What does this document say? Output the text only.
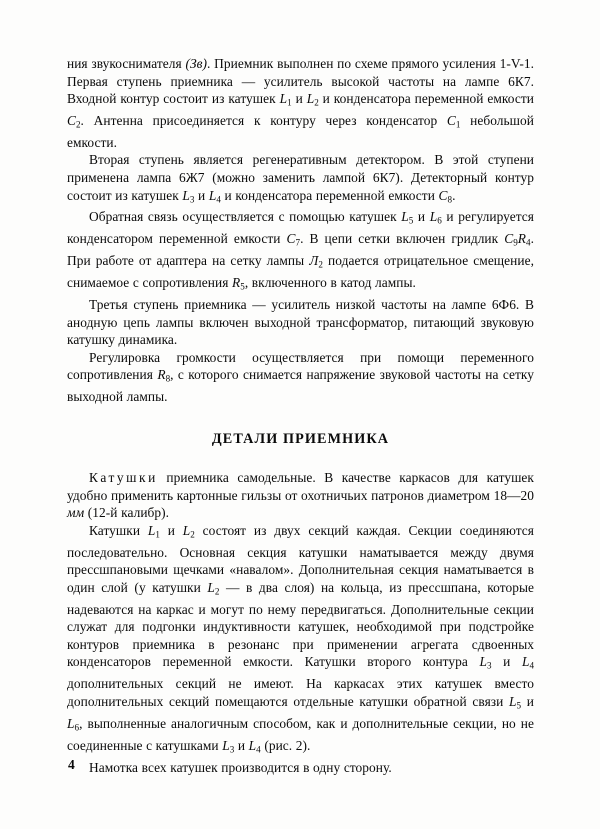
ния звукоснимателя (Зв). Приемник выполнен по схеме прямого усиления 1-V-1. Первая ступень приемника — усилитель высокой частоты на лампе 6К7. Входной контур состоит из катушек $L_1$ и $L_2$ и конденсатора переменной емкости $C_2$. Антенна присоединяется к контуру через конденсатор $C_1$ небольшой емкости.

Вторая ступень является регенеративным детектором. В этой ступени применена лампа 6Ж7 (можно заменить лампой 6К7). Детекторный контур состоит из катушек $L_3$ и $L_4$ и конденсатора переменной емкости $C_8$.

Обратная связь осуществляется с помощью катушек $L_5$ и $L_6$ и регулируется конденсатором переменной емкости $C_7$. В цепи сетки включен гридлик $C_9R_4$. При работе от адаптера на сетку лампы $Л_2$ подается отрицательное смещение, снимаемое с сопротивления $R_5$, включенного в катод лампы.

Третья ступень приемника — усилитель низкой частоты на лампе 6Ф6. В анодную цепь лампы включен выходной трансформатор, питающий звуковую катушку динамика.

Регулировка громкости осуществляется при помощи переменного сопротивления $R_8$, с которого снимается напряжение звуковой частоты на сетку выходной лампы.

ДЕТАЛИ ПРИЕМНИКА

Катушки приемника самодельные. В качестве каркасов для катушек удобно применить картонные гильзы от охотничьих патронов диаметром 18—20 мм (12-й калибр).

Катушки $L_1$ и $L_2$ состоят из двух секций каждая. Секции соединяются последовательно. Основная секция катушки наматывается между двумя прессшпановыми щечками «навалом». Дополнительная секция наматывается в один слой (у катушки $L_2$ — в два слоя) на кольца, из прессшпана, которые надеваются на каркас и могут по нему передвигаться. Дополнительные секции служат для подгонки индуктивности катушек, необходимой при подстройке контуров приемника в резонанс при применении агрегата сдвоенных конденсаторов переменной емкости. Катушки второго контура $L_3$ и $L_4$ дополнительных секций не имеют. На каркасах этих катушек вместо дополнительных секций помещаются отдельные катушки обратной связи $L_5$ и $L_6$, выполненные аналогичным способом, как и дополнительные секции, но не соединенные с катушками $L_3$ и $L_4$ (рис. 2).

Намотка всех катушек производится в одну сторону.

4
